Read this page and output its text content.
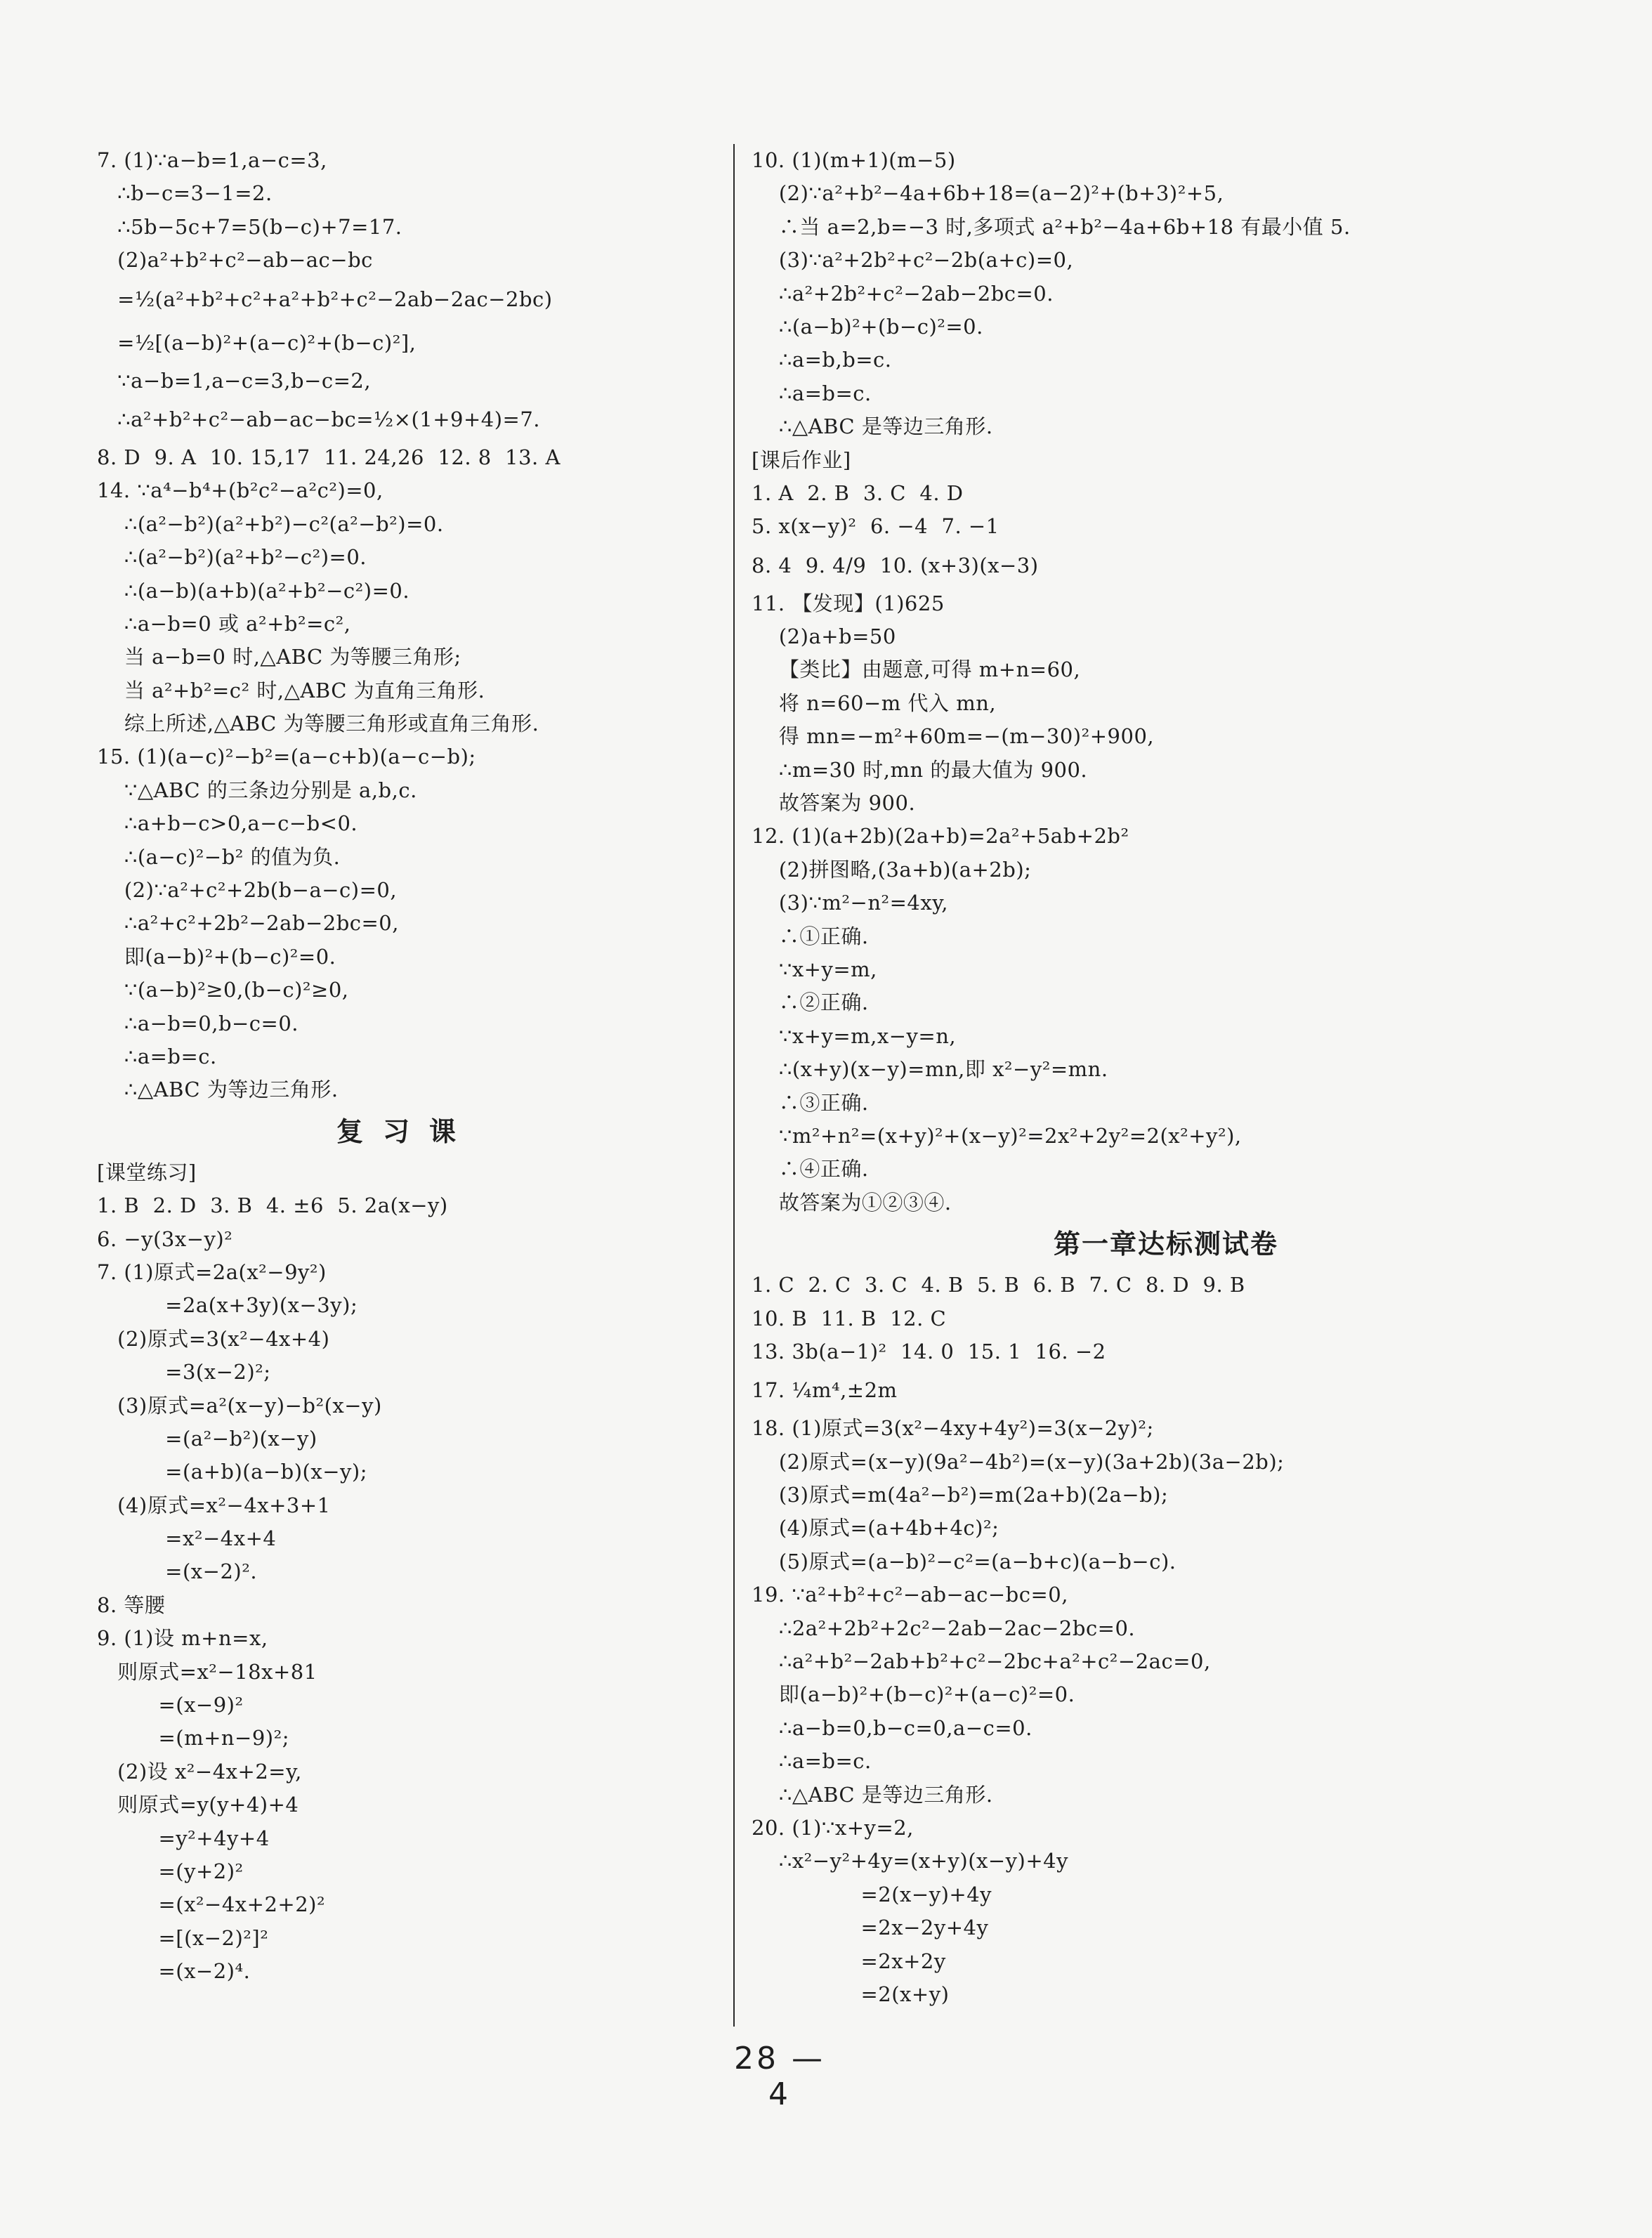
7. (1)∵a−b=1,a−c=3,
∴b−c=3−1=2.
∴5b−5c+7=5(b−c)+7=17.
(2)a²+b²+c²−ab−ac−bc
=½(a²+b²+c²+a²+b²+c²−2ab−2ac−2bc)
=½[(a−b)²+(a−c)²+(b−c)²],
∵a−b=1,a−c=3,b−c=2,
∴a²+b²+c²−ab−ac−bc=½×(1+9+4)=7.
8. D  9. A  10. 15,17  11. 24,26  12. 8  13. A
14. ∵a⁴−b⁴+(b²c²−a²c²)=0,
∴(a²−b²)(a²+b²)−c²(a²−b²)=0.
∴(a²−b²)(a²+b²−c²)=0.
∴(a−b)(a+b)(a²+b²−c²)=0.
∴a−b=0 或 a²+b²=c²,
当 a−b=0 时,△ABC 为等腰三角形;
当 a²+b²=c² 时,△ABC 为直角三角形.
综上所述,△ABC 为等腰三角形或直角三角形.
15. (1)(a−c)²−b²=(a−c+b)(a−c−b);
∵△ABC 的三条边分别是 a,b,c.
∴a+b−c>0,a−c−b<0.
∴(a−c)²−b² 的值为负.
(2)∵a²+c²+2b(b−a−c)=0,
∴a²+c²+2b²−2ab−2bc=0,
即(a−b)²+(b−c)²=0.
∵(a−b)²≥0,(b−c)²≥0,
∴a−b=0,b−c=0.
∴a=b=c.
∴△ABC 为等边三角形.
复习课
[课堂练习]
1. B  2. D  3. B  4. ±6  5. 2a(x−y)
6. −y(3x−y)²
7. (1)原式=2a(x²−9y²)
=2a(x+3y)(x−3y);
(2)原式=3(x²−4x+4)
=3(x−2)²;
(3)原式=a²(x−y)−b²(x−y)
=(a²−b²)(x−y)
=(a+b)(a−b)(x−y);
(4)原式=x²−4x+3+1
=x²−4x+4
=(x−2)².
8. 等腰
9. (1)设 m+n=x,
则原式=x²−18x+81
=(x−9)²
=(m+n−9)²;
(2)设 x²−4x+2=y,
则原式=y(y+4)+4
=y²+4y+4
=(y+2)²
=(x²−4x+2+2)²
=[(x−2)²]²
=(x−2)⁴.
10. (1)(m+1)(m−5)
(2)∵a²+b²−4a+6b+18=(a−2)²+(b+3)²+5,
∴当 a=2,b=−3 时,多项式 a²+b²−4a+6b+18 有最小值 5.
(3)∵a²+2b²+c²−2b(a+c)=0,
∴a²+2b²+c²−2ab−2bc=0.
∴(a−b)²+(b−c)²=0.
∴a=b,b=c.
∴a=b=c.
∴△ABC 是等边三角形.
[课后作业]
1. A  2. B  3. C  4. D
5. x(x−y)²  6. −4  7. −1
8. 4  9. 4/9  10. (x+3)(x−3)
11. 【发现】(1)625
(2)a+b=50
【类比】由题意,可得 m+n=60,
将 n=60−m 代入 mn,
得 mn=−m²+60m=−(m−30)²+900,
∴m=30 时,mn 的最大值为 900.
故答案为 900.
12. (1)(a+2b)(2a+b)=2a²+5ab+2b²
(2)拼图略,(3a+b)(a+2b);
(3)∵m²−n²=4xy,
∴①正确.
∵x+y=m,
∴②正确.
∵x+y=m,x−y=n,
∴(x+y)(x−y)=mn,即 x²−y²=mn.
∴③正确.
∵m²+n²=(x+y)²+(x−y)²=2x²+2y²=2(x²+y²),
∴④正确.
故答案为①②③④.
第一章达标测试卷
1. C  2. C  3. C  4. B  5. B  6. B  7. C  8. D  9. B
10. B  11. B  12. C
13. 3b(a−1)²  14. 0  15. 1  16. −2
17. ¼m⁴,±2m
18. (1)原式=3(x²−4xy+4y²)=3(x−2y)²;
(2)原式=(x−y)(9a²−4b²)=(x−y)(3a+2b)(3a−2b);
(3)原式=m(4a²−b²)=m(2a+b)(2a−b);
(4)原式=(a+4b+4c)²;
(5)原式=(a−b)²−c²=(a−b+c)(a−b−c).
19. ∵a²+b²+c²−ab−ac−bc=0,
∴2a²+2b²+2c²−2ab−2ac−2bc=0.
∴a²+b²−2ab+b²+c²−2bc+a²+c²−2ac=0,
即(a−b)²+(b−c)²+(a−c)²=0.
∴a−b=0,b−c=0,a−c=0.
∴a=b=c.
∴△ABC 是等边三角形.
20. (1)∵x+y=2,
∴x²−y²+4y=(x+y)(x−y)+4y
=2(x−y)+4y
=2x−2y+4y
=2x+2y
=2(x+y)
28 — 4
